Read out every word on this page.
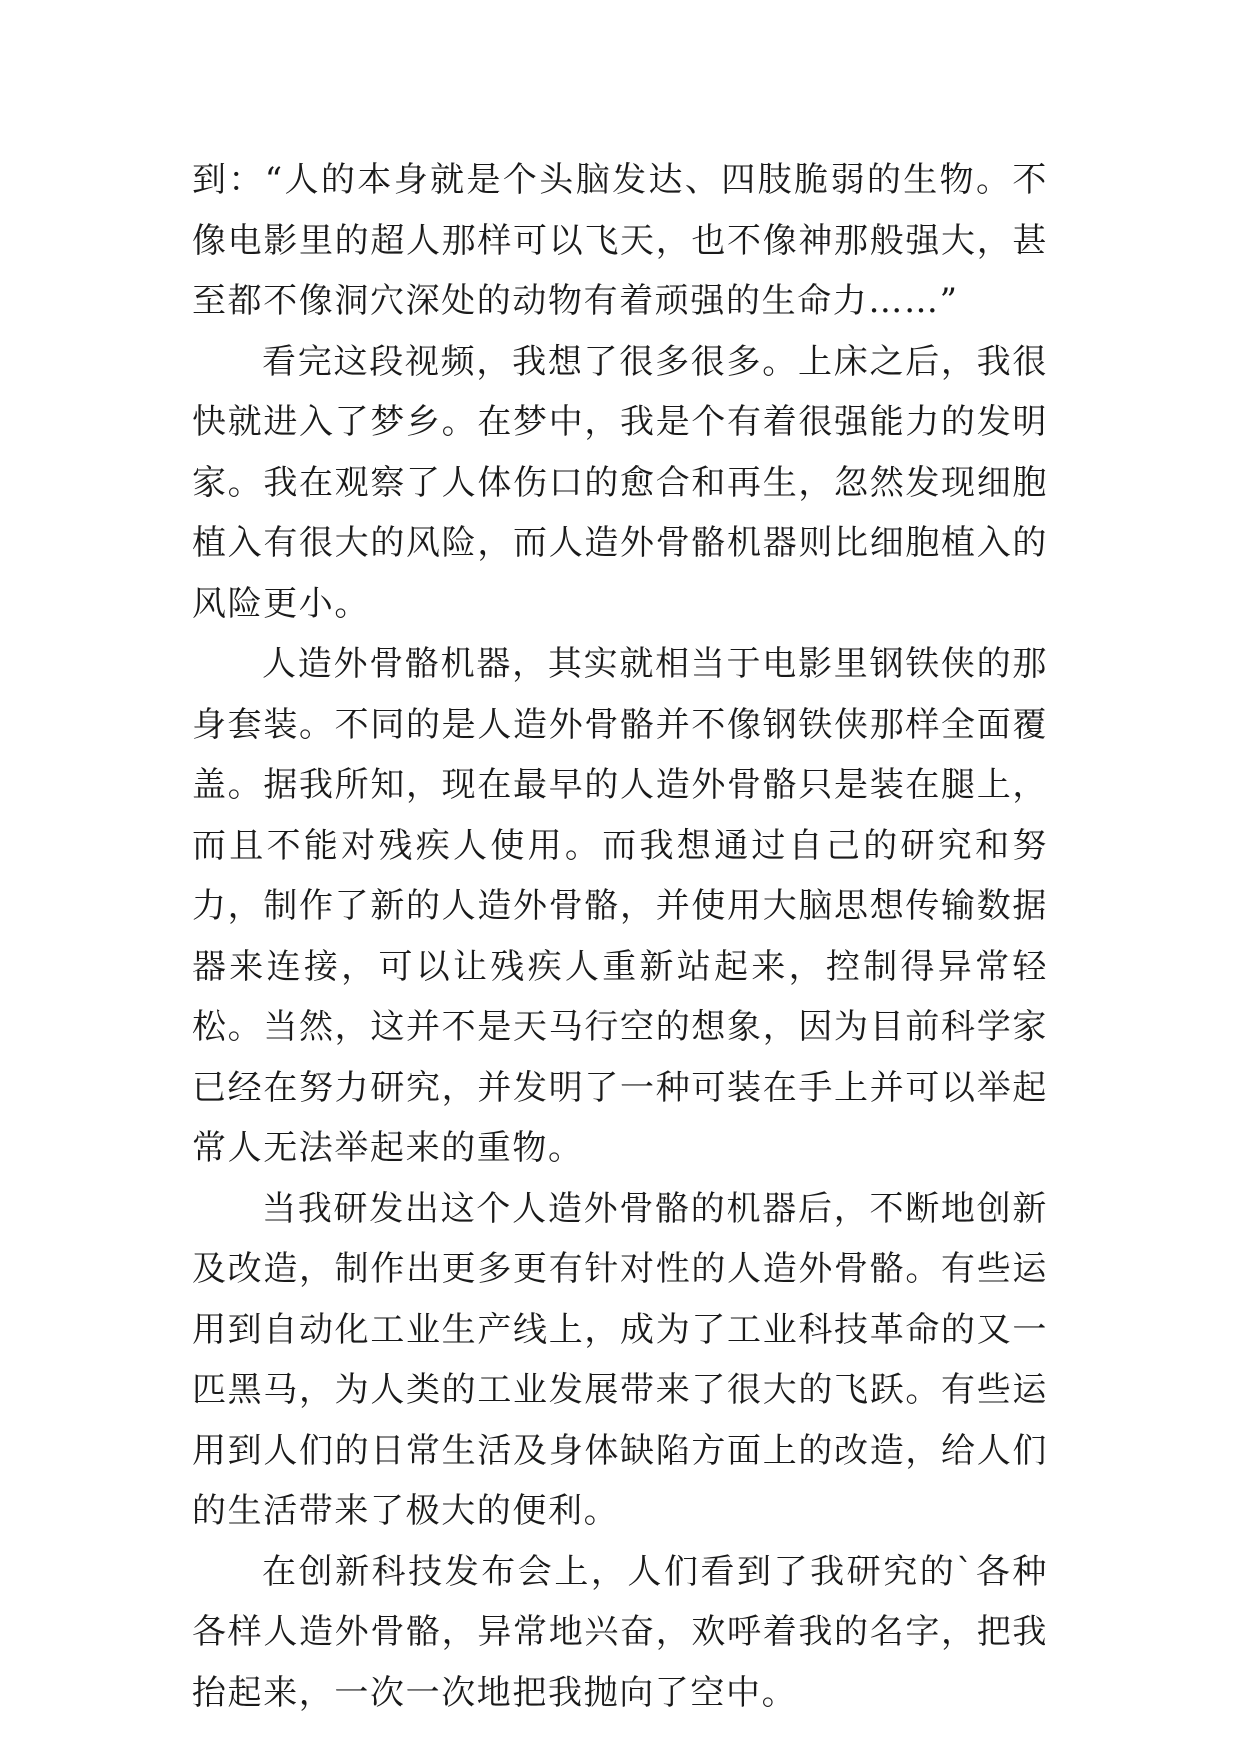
到：“人的本身就是个头脑发达、四肢脆弱的生物。不像电影里的超人那样可以飞天，也不像神那般强大，甚至都不像洞穴深处的动物有着顽强的生命力……”

看完这段视频，我想了很多很多。上床之后，我很快就进入了梦乡。在梦中，我是个有着很强能力的发明家。我在观察了人体伤口的愈合和再生，忽然发现细胞植入有很大的风险，而人造外骨骼机器则比细胞植入的风险更小。

人造外骨骼机器，其实就相当于电影里钢铁侠的那身套装。不同的是人造外骨骼并不像钢铁侠那样全面覆盖。据我所知，现在最早的人造外骨骼只是装在腿上，而且不能对残疾人使用。而我想通过自己的研究和努力，制作了新的人造外骨骼，并使用大脑思想传输数据器来连接，可以让残疾人重新站起来，控制得异常轻松。当然，这并不是天马行空的想象，因为目前科学家已经在努力研究，并发明了一种可装在手上并可以举起常人无法举起来的重物。

当我研发出这个人造外骨骼的机器后，不断地创新及改造，制作出更多更有针对性的人造外骨骼。有些运用到自动化工业生产线上，成为了工业科技革命的又一匹黑马，为人类的工业发展带来了很大的飞跃。有些运用到人们的日常生活及身体缺陷方面上的改造，给人们的生活带来了极大的便利。

在创新科技发布会上，人们看到了我研究的`各种各样人造外骨骼，异常地兴奋，欢呼着我的名字，把我抬起来，一次一次地把我抛向了空中。
